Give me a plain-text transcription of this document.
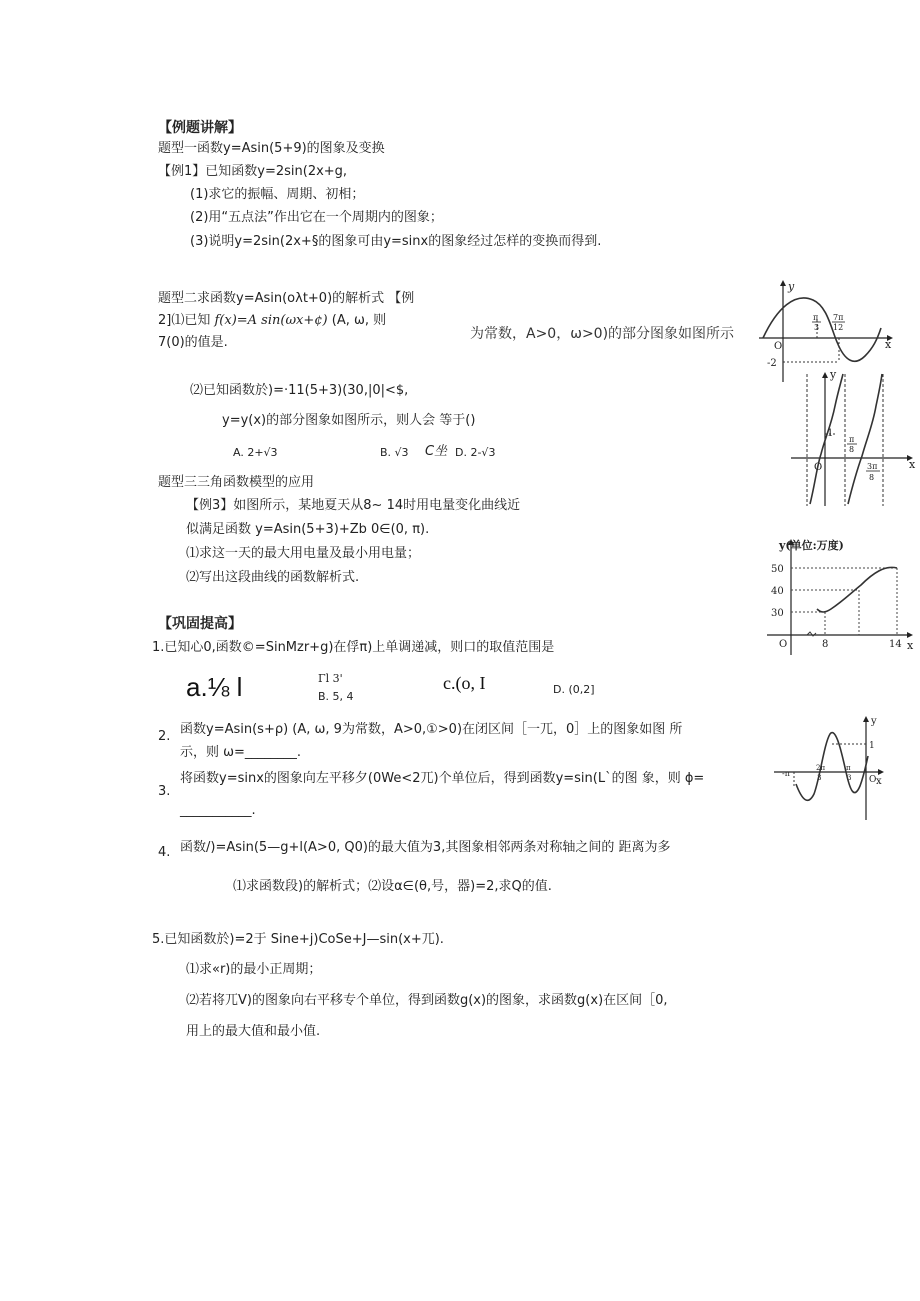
【例题讲解】
题型一函数y=Asin(5+9)的图象及变换
【例1】已知函数y=2sin(2x+g,
(1)求它的振幅、周期、初相；
(2)用“五点法”作出它在一个周期内的图象；
(3)说明y=2sin(2x+§的图象可由y=sinx的图象经过怎样的变换而得到.
题型二求函数y=Asin(oλt+0)的解析式 【例
2]⑴已知 f(x)=A sin(ωx+¢) (A, ω, 则
7(0)的值是.
为常数，A>0，ω>0)的部分图象如图所示
⑵已知函数於)=·11(5+3)(30,|0|<$,
y=y(x)的部分图象如图所示，则人会 等于()
A. 2+√3	B. √3 C坐 D. 2-√3
题型三三角函数模型的应用
【例3】如图所示，某地夏天从8~ 14时用电量变化曲线近
似满足函数 y=Asin(5+3)+Zb 0∈(0, π).
⑴求这一天的最大用电量及最小用电量；
⑵写出这段曲线的函数解析式.
【巩固提高】
1.已知心0,函数©=SinMzr+g)在俘π)上单调递减，则口的取值范围是
a.⅛ l	Γl 3'
B. 5, 4
c.(o, I	D. (0,2]
2. 函数y=Asin(s+ρ) (A, ω, 9为常数，A>0,①>0)在闭区间［一兀，0］上的图象如图 所
示，则 ω=________.
3.
将函数y=sinx的图象向左平移夕(0We<2兀)个单位后，得到函数y=sin(L`的图 象，则 ϕ=
___________.
4. 函数/)=Asin(5—g+l(A>0, Q0)的最大值为3,其图象相邻两条对称轴之间的 距离为多
⑴求函数段)的解析式；⑵设α∈(θ,号，器)=2,求Q的值.
5.已知函数於)=2于 Sine+j)CoSe+J—sin(x+兀).
⑴求«r)的最小正周期；
⑵若将兀V)的图象向右平移专个单位，得到函数g(x)的图象，求函数g(x)在区间［0,
用上的最大值和最小值.
y
x
O
π
3
7π
12
-2
y
x
O
1
π
8
3π
8
y(单位:万度)
x
O
50
40
30
8	14
y
x
O
1
-π
2π
3
π
3
